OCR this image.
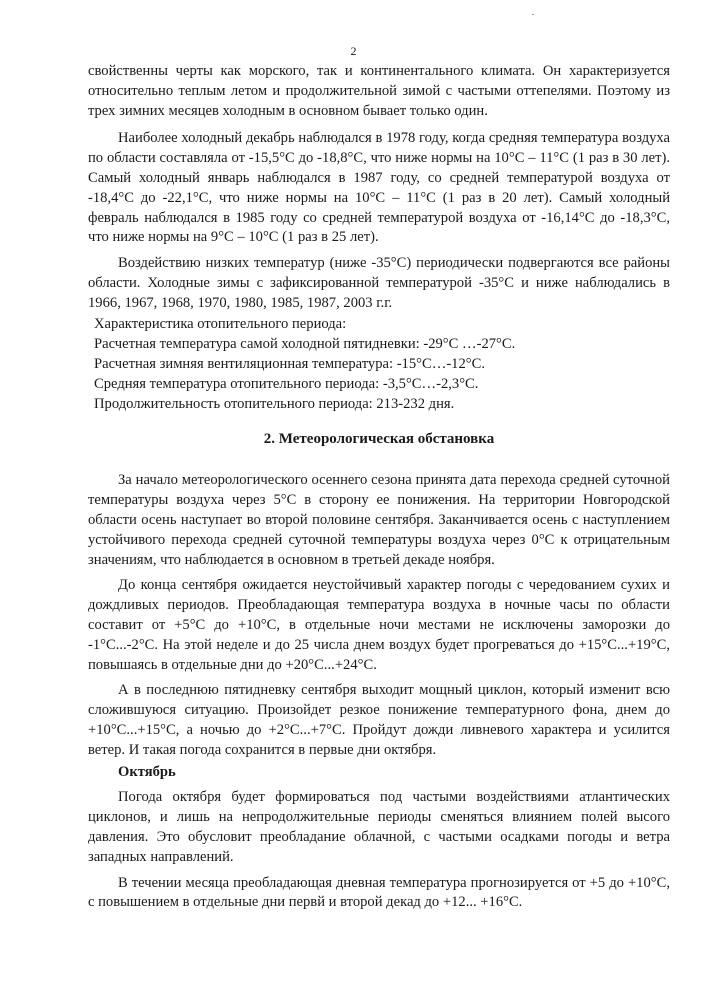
2

свойственны черты как морского, так и континентального климата. Он характеризуется относительно теплым летом и продолжительной зимой с частыми оттепелями. Поэтому из трех зимних месяцев холодным в основном бывает только один.

Наиболее холодный декабрь наблюдался в 1978 году, когда средняя температура воздуха по области составляла от -15,5°С до -18,8°С, что ниже нормы на 10°С – 11°С (1 раз в 30 лет). Самый холодный январь наблюдался в 1987 году, со средней температурой воздуха от -18,4°С до -22,1°С, что ниже нормы на 10°С – 11°С (1 раз в 20 лет). Самый холодный февраль наблюдался в 1985 году со средней температурой воздуха от -16,14°С до -18,3°С, что ниже нормы на 9°С – 10°С (1 раз в 25 лет).

Воздействию низких температур (ниже -35°С) периодически подвергаются все районы области. Холодные зимы с зафиксированной температурой -35°С и ниже наблюдались в 1966, 1967, 1968, 1970, 1980, 1985, 1987, 2003 г.г.

Характеристика отопительного периода:
Расчетная температура самой холодной пятидневки: -29°С …-27°С.
Расчетная зимняя вентиляционная температура: -15°С…-12°С.
Средняя температура отопительного периода: -3,5°С…-2,3°С.
Продолжительность отопительного периода: 213-232 дня.
2. Метеорологическая обстановка

За начало метеорологического осеннего сезона принята дата перехода средней суточной температуры воздуха через 5°С в сторону ее понижения. На территории Новгородской области осень наступает во второй половине сентября. Заканчивается осень с наступлением устойчивого перехода средней суточной температуры воздуха через 0°С к отрицательным значениям, что наблюдается в основном в третьей декаде ноября.

До конца сентября ожидается неустойчивый характер погоды с чередованием сухих и дождливых периодов. Преобладающая температура воздуха в ночные часы по области составит от +5°С до +10°С, в отдельные ночи местами не исключены заморозки до -1°С...-2°С. На этой неделе и до 25 числа днем воздух будет прогреваться до +15°С...+19°С, повышаясь в отдельные дни до +20°С...+24°С.

А в последнюю пятидневку сентября выходит мощный циклон, который изменит всю сложившуюся ситуацию. Произойдет резкое понижение температурного фона, днем до +10°С...+15°С, а ночью до +2°С...+7°С. Пройдут дожди ливневого характера и усилится ветер. И такая погода сохранится в первые дни октября.

Октябрь

Погода октября будет формироваться под частыми воздействиями атлантических циклонов, и лишь на непродолжительные периоды сменяться влиянием полей высого давления. Это обусловит преобладание облачной, с частыми осадками погоды и ветра западных направлений.

В течении месяца преобладающая дневная температура прогнозируется от +5 до +10°С, с повышением в отдельные дни первй и второй декад до +12... +16°С.
